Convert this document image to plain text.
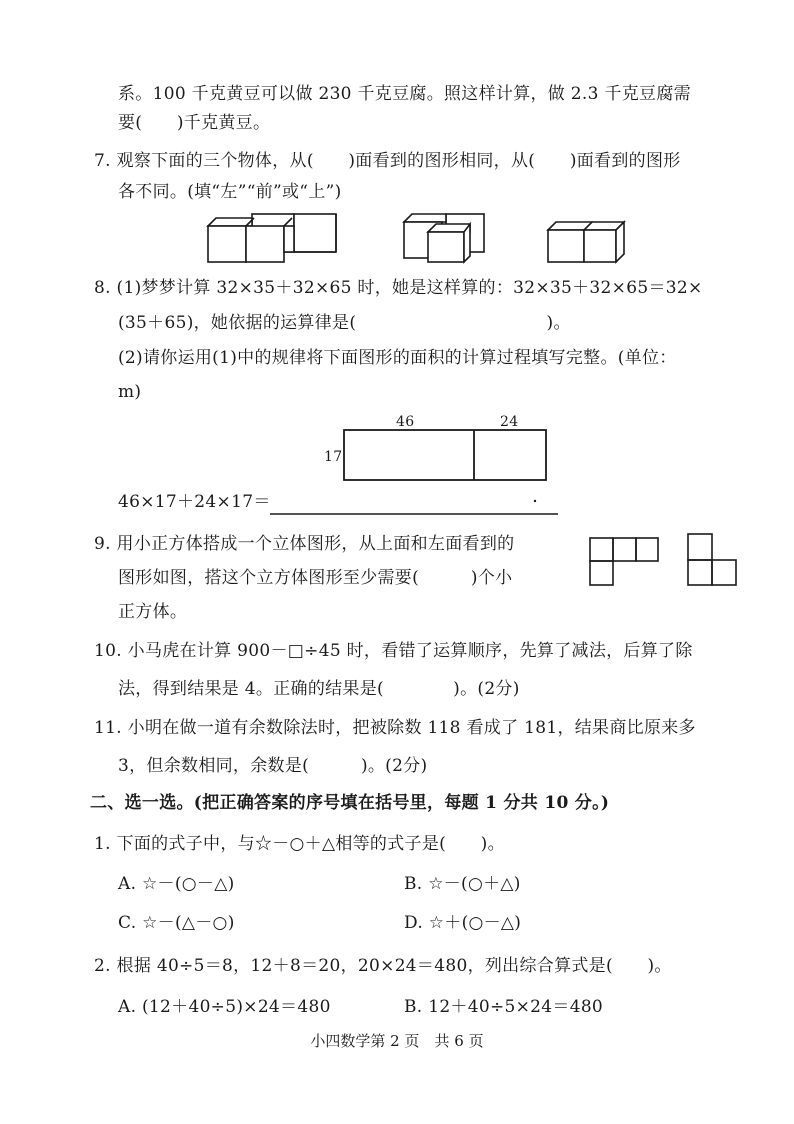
系。100 千克黄豆可以做 230 千克豆腐。照这样计算，做 2.3 千克豆腐需
要(　　)千克黄豆。
7. 观察下面的三个物体，从(　　)面看到的图形相同，从(　　)面看到的图形
各不同。(填“左”“前”或“上”)
8. (1)梦梦计算 32×35＋32×65 时，她是这样算的：32×35＋32×65＝32×
(35＋65)，她依据的运算律是(　　　　　　　　　　　)。
(2)请你运用(1)中的规律将下面图形的面积的计算过程填写完整。(单位：
m)
46	24
17
46×17＋24×17＝
9. 用小正方体搭成一个立体图形，从上面和左面看到的
图形如图，搭这个立方体图形至少需要(　　　)个小
正方体。
10. 小马虎在计算 900－□÷45 时，看错了运算顺序，先算了减法，后算了除
法，得到结果是 4。正确的结果是(　　　　)。(2分)
11. 小明在做一道有余数除法时，把被除数 118 看成了 181，结果商比原来多
3，但余数相同，余数是(　　　)。(2分)
二、选一选。(把正确答案的序号填在括号里，每题 1 分共 10 分。)
1. 下面的式子中，与☆－○＋△相等的式子是(　　)。
A. ☆－(○－△)	B. ☆－(○＋△)
C. ☆－(△－○)	D. ☆＋(○－△)
2. 根据 40÷5＝8，12＋8＝20，20×24＝480，列出综合算式是(　　)。
A. (12＋40÷5)×24＝480	B. 12＋40÷5×24＝480
小四数学第 2 页　共 6 页
